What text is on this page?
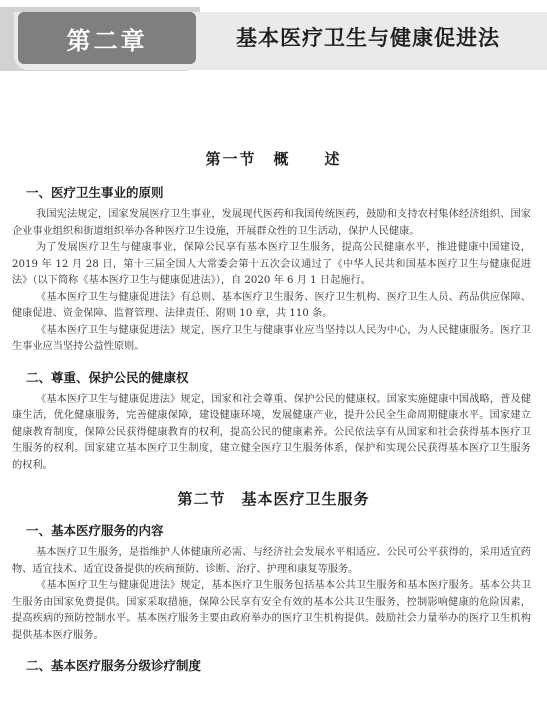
第二章	基本医疗卫生与健康促进法
第一节　概　　述
一、医疗卫生事业的原则

我国宪法规定，国家发展医疗卫生事业，发展现代医药和我国传统医药，鼓励和支持农村集体经济组织、国家企业事业组织和街道组织举办各种医疗卫生设施，开展群众性的卫生活动，保护人民健康。

为了发展医疗卫生与健康事业，保障公民享有基本医疗卫生服务，提高公民健康水平，推进健康中国建设，2019 年 12 月 28 日，第十三届全国人大常委会第十五次会议通过了《中华人民共和国基本医疗卫生与健康促进法》（以下简称《基本医疗卫生与健康促进法》），自 2020 年 6 月 1 日起施行。

《基本医疗卫生与健康促进法》有总则、基本医疗卫生服务、医疗卫生机构、医疗卫生人员、药品供应保障、健康促进、资金保障、监督管理、法律责任、附则 10 章，共 110 条。

《基本医疗卫生与健康促进法》规定，医疗卫生与健康事业应当坚持以人民为中心，为人民健康服务。医疗卫生事业应当坚持公益性原则。

二、尊重、保护公民的健康权

《基本医疗卫生与健康促进法》规定，国家和社会尊重、保护公民的健康权。国家实施健康中国战略，普及健康生活，优化健康服务，完善健康保障，建设健康环境，发展健康产业，提升公民全生命周期健康水平。国家建立健康教育制度，保障公民获得健康教育的权利，提高公民的健康素养。公民依法享有从国家和社会获得基本医疗卫生服务的权利。国家建立基本医疗卫生制度，建立健全医疗卫生服务体系，保护和实现公民获得基本医疗卫生服务的权利。

第二节　基本医疗卫生服务
一、基本医疗服务的内容

基本医疗卫生服务，是指维护人体健康所必需、与经济社会发展水平相适应、公民可公平获得的，采用适宜药物、适宜技术、适宜设备提供的疾病预防、诊断、治疗、护理和康复等服务。

《基本医疗卫生与健康促进法》规定，基本医疗卫生服务包括基本公共卫生服务和基本医疗服务。基本公共卫生服务由国家免费提供。国家采取措施，保障公民享有安全有效的基本公共卫生服务，控制影响健康的危险因素，提高疾病的预防控制水平。基本医疗服务主要由政府举办的医疗卫生机构提供。鼓励社会力量举办的医疗卫生机构提供基本医疗服务。

二、基本医疗服务分级诊疗制度
